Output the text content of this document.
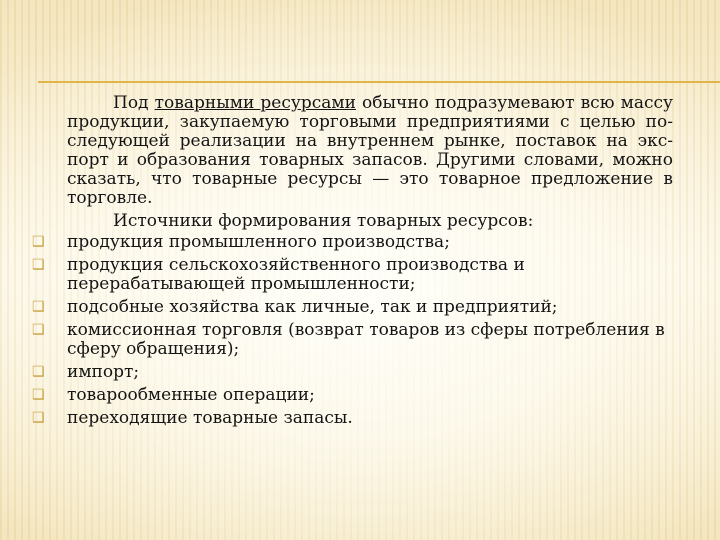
Под товарными ресурсами обычно подразумевают всю массу продукции, закупаемую торговыми предприятиями с целью по-следующей реализации на внутреннем рынке, поставок на экс-порт и образования товарных запасов. Другими словами, можно сказать, что товарные ресурсы — это товарное предложение в торговле.

Источники формирования товарных ресурсов:

❑ продукция промышленного производства;
❑ продукция сельскохозяйственного производства и перерабатывающей промышленности;
❑ подсобные хозяйства как личные, так и предприятий;
❑ комиссионная торговля (возврат товаров из сферы потребления в сферу обращения);
❑ импорт;
❑ товарообменные операции;
❑ переходящие товарные запасы.
